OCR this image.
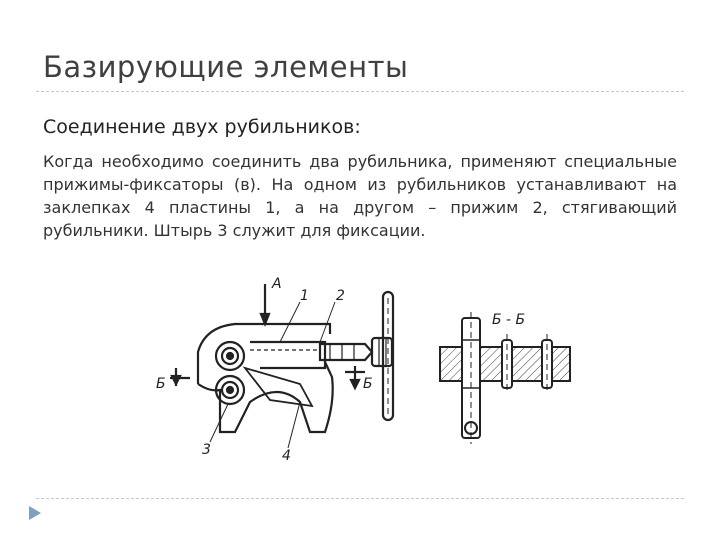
Базирующие элементы
Соединение двух рубильников:
Когда необходимо соединить два рубильника, применяют специальные прижимы-фиксаторы (в). На одном из рубильников устанавливают на заклепках 4 пластины 1, а на другом – прижим 2, стягивающий рубильники. Штырь 3 служит для фиксации.
А
1 2
3	4
Б	Б
Б - Б
